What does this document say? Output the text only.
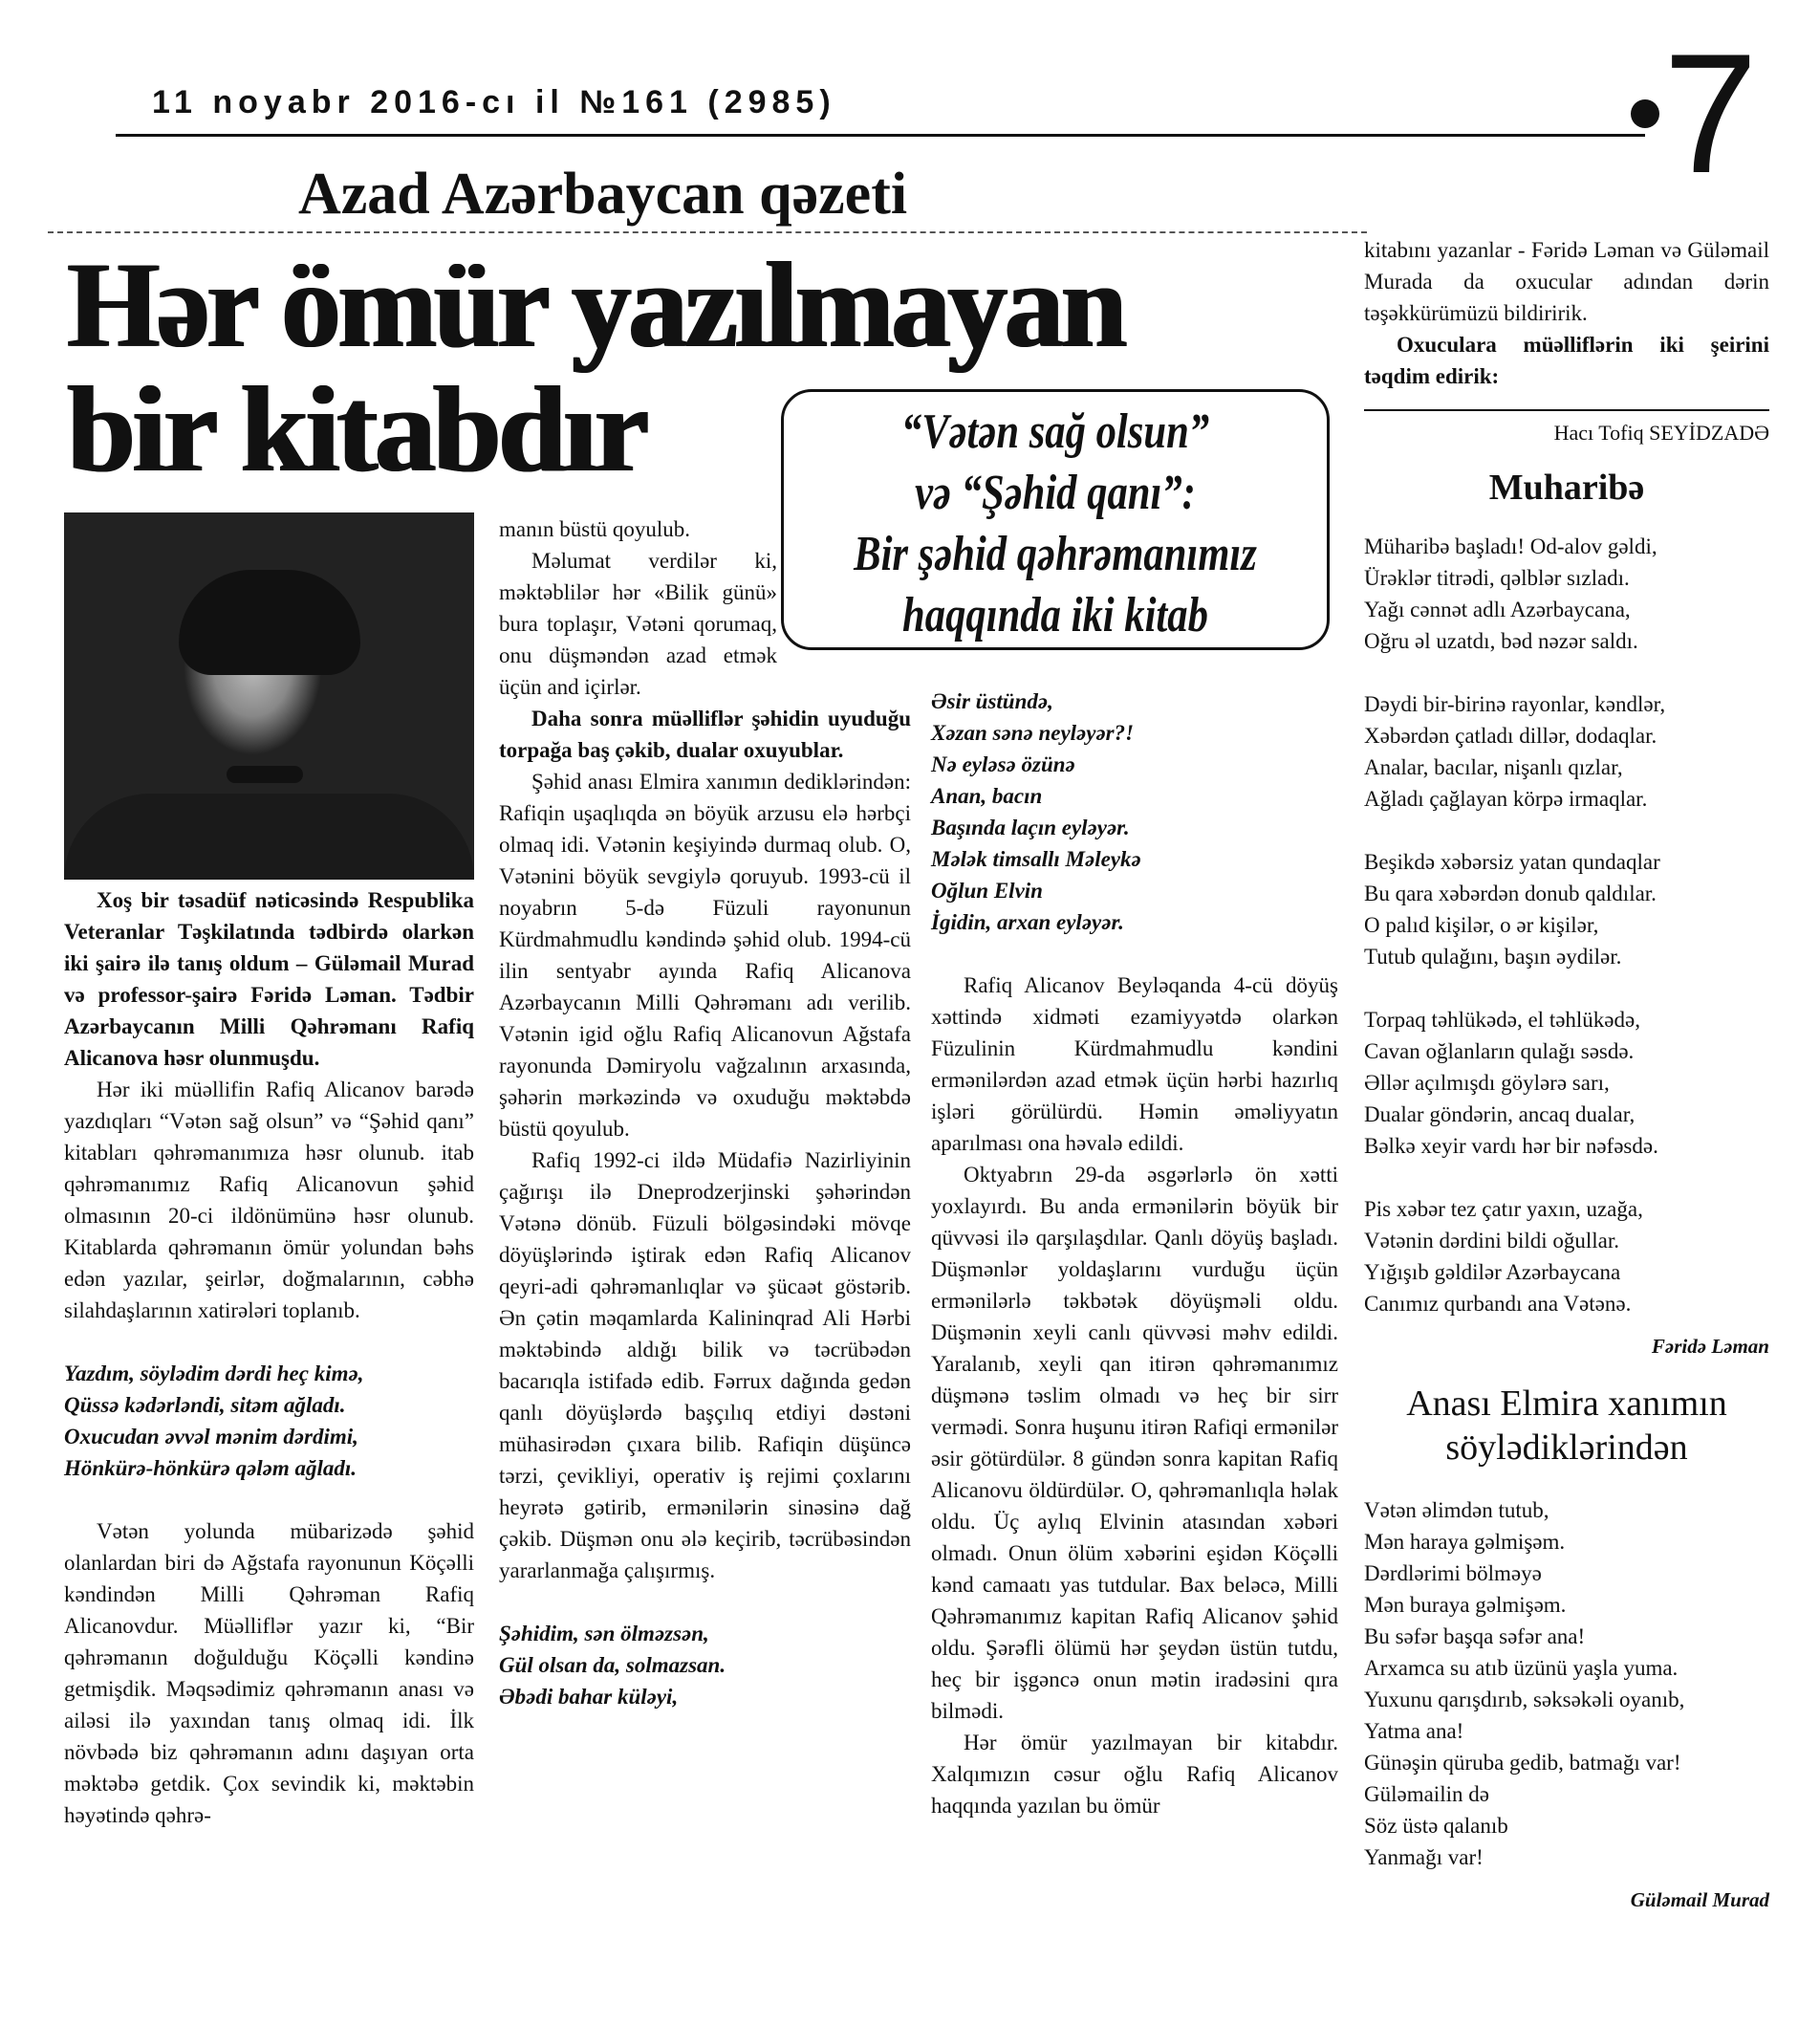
11 noyabr 2016-cı il №161 (2985)	7
Azad Azərbaycan qəzeti
Hər ömür yazılmayan
bir kitabdır	“Vətən sağ olsun”
və “Şəhid qanı”:
Bir şəhid qəhrəmanımız
haqqında iki kitab

Xoş bir təsadüf nəticəsində Respublika Veteranlar Təşkilatında tədbirdə olarkən iki şairə ilə tanış oldum – Güləmail Murad və professor-şairə Fəridə Ləman. Tədbir Azərbaycanın Milli Qəhrəmanı Rafiq Alicanova həsr olunmuşdu.

Hər iki müəllifin Rafiq Alicanov barədə yazdıqları “Vətən sağ olsun” və “Şəhid qanı” kitabları qəhrəmanımıza həsr olunub. itab qəhrəmanımız Rafiq Alicanovun şəhid olmasının 20-ci ildönümünə həsr olunub. Kitablarda qəhrəmanın ömür yolundan bəhs edən yazılar, şeirlər, doğmalarının, cəbhə silahdaşlarının xatirələri toplanıb.

Yazdım, söylədim dərdi heç kimə,
Qüssə kədərləndi, sitəm ağladı.
Oxucudan əvvəl mənim dərdimi,
Hönkürə-hönkürə qələm ağladı.

Vətən yolunda mübarizədə şəhid olanlardan biri də Ağstafa rayonunun Köçəlli kəndindən Milli Qəhrəman Rafiq Alicanovdur. Müəlliflər yazır ki, “Bir qəhrəmanın doğulduğu Köçəlli kəndinə getmişdik. Məqsədimiz qəhrəmanın anası və ailəsi ilə yaxından tanış olmaq idi. İlk növbədə biz qəhrəmanın adını daşıyan orta məktəbə getdik. Çox sevindik ki, məktəbin həyətində qəhrə-

manın büstü qoyulub.

Məlumat verdilər ki, məktəblilər hər «Bilik günü» bura toplaşır, Vətəni qorumaq, onu düşməndən azad etmək üçün and içirlər.

Daha sonra müəlliflər şəhidin uyuduğu torpağa baş çəkib, dualar oxuyublar.

Şəhid anası Elmira xanımın dediklərindən: Rafiqin uşaqlıqda ən böyük arzusu elə hərbçi olmaq idi. Vətənin keşiyində durmaq olub. O, Vətənini böyük sevgiylə qoruyub. 1993-cü il noyabrın 5-də Füzuli rayonunun Kürdmahmudlu kəndində şəhid olub. 1994-cü ilin sentyabr ayında Rafiq Alicanova Azərbaycanın Milli Qəhrəmanı adı verilib. Vətənin igid oğlu Rafiq Alicanovun Ağstafa rayonunda Dəmiryolu vağzalının arxasında, şəhərin mərkəzində və oxuduğu məktəbdə büstü qoyulub.

Rafiq 1992-ci ildə Müdafiə Nazirliyinin çağırışı ilə Dneprodzerjinski şəhərindən Vətənə dönüb. Füzuli bölgəsindəki mövqe döyüşlərində iştirak edən Rafiq Alicanov qeyri-adi qəhrəmanlıqlar və şücaət göstərib. Ən çətin məqamlarda Kalininqrad Ali Hərbi məktəbində aldığı bilik və təcrübədən bacarıqla istifadə edib. Fərrux dağında gedən qanlı döyüşlərdə başçılıq etdiyi dəstəni mühasirədən çıxara bilib. Rafiqin düşüncə tərzi, çevikliyi, operativ iş rejimi çoxlarını heyrətə gətirib, ermənilərin sinəsinə dağ çəkib. Düşmən onu ələ keçirib, təcrübəsindən yararlanmağa çalışırmış.

Şəhidim, sən ölməzsən,
Gül olsan da, solmazsan.
Əbədi bahar küləyi,
Əsir üstündə,
Xəzan sənə neyləyər?!
Nə eyləsə özünə
Anan, bacın
Başında laçın eyləyər.
Mələk timsallı Məleykə
Oğlun Elvin
İgidin, arxan eyləyər.

Rafiq Alicanov Beyləqanda 4-cü döyüş xəttində xidməti ezamiyyətdə olarkən Füzulinin Kürdmahmudlu kəndini ermənilərdən azad etmək üçün hərbi hazırlıq işləri görülürdü. Həmin əməliyyatın aparılması ona həvalə edildi.

Oktyabrın 29-da əsgərlərlə ön xətti yoxlayırdı. Bu anda ermənilərin böyük bir qüvvəsi ilə qarşılaşdılar. Qanlı döyüş başladı. Düşmənlər yoldaşlarını vurduğu üçün ermənilərlə təkbətək döyüşməli oldu. Düşmənin xeyli canlı qüvvəsi məhv edildi. Yaralanıb, xeyli qan itirən qəhrəmanımız düşmənə təslim olmadı və heç bir sirr vermədi. Sonra huşunu itirən Rafiqi ermənilər əsir götürdülər. 8 gündən sonra kapitan Rafiq Alicanovu öldürdülər. O, qəhrəmanlıqla həlak oldu. Üç aylıq Elvinin atasından xəbəri olmadı. Onun ölüm xəbərini eşidən Köçəlli kənd camaatı yas tutdular. Bax beləcə, Milli Qəhrəmanımız kapitan Rafiq Alicanov şəhid oldu. Şərəfli ölümü hər şeydən üstün tutdu, heç bir işgəncə onun mətin iradəsini qıra bilmədi.

Hər ömür yazılmayan bir kitabdır. Xalqımızın cəsur oğlu Rafiq Alicanov haqqında yazılan bu ömür

kitabını yazanlar - Fəridə Ləman və Güləmail Murada da oxucular adından dərin təşəkkürümüzü bildiririk.

Oxuculara müəlliflərin iki şeirini təqdim edirik:

Hacı Tofiq SEYİDZADƏ
Muharibə
Müharibə başladı! Od-alov gəldi,
Ürəklər titrədi, qəlblər sızladı.
Yağı cənnət adlı Azərbaycana,
Oğru əl uzatdı, bəd nəzər saldı.
Dəydi bir-birinə rayonlar, kəndlər,
Xəbərdən çatladı dillər, dodaqlar.
Analar, bacılar, nişanlı qızlar,
Ağladı çağlayan körpə irmaqlar.
Beşikdə xəbərsiz yatan qundaqlar
Bu qara xəbərdən donub qaldılar.
O palıd kişilər, o ər kişilər,
Tutub qulağını, başın əydilər.
Torpaq təhlükədə, el təhlükədə,
Cavan oğlanların qulağı səsdə.
Əllər açılmışdı göylərə sarı,
Dualar göndərin, ancaq dualar,
Bəlkə xeyir vardı hər bir nəfəsdə.
Pis xəbər tez çatır yaxın, uzağa,
Vətənin dərdini bildi oğullar.
Yığışıb gəldilər Azərbaycana
Canımız qurbandı ana Vətənə.
Fəridə Ləman
Anası Elmira xanımın söylədiklərindən
Vətən əlimdən tutub,
Mən haraya gəlmişəm.
Dərdlərimi bölməyə
Mən buraya gəlmişəm.
Bu səfər başqa səfər ana!
Arxamca su atıb üzünü yaşla yuma.
Yuxunu qarışdırıb, səksəkəli oyanıb,
Yatma ana!
Günəşin qüruba gedib, batmağı var!
Güləmailin də
Söz üstə qalanıb
Yanmağı var!
Güləmail Murad
